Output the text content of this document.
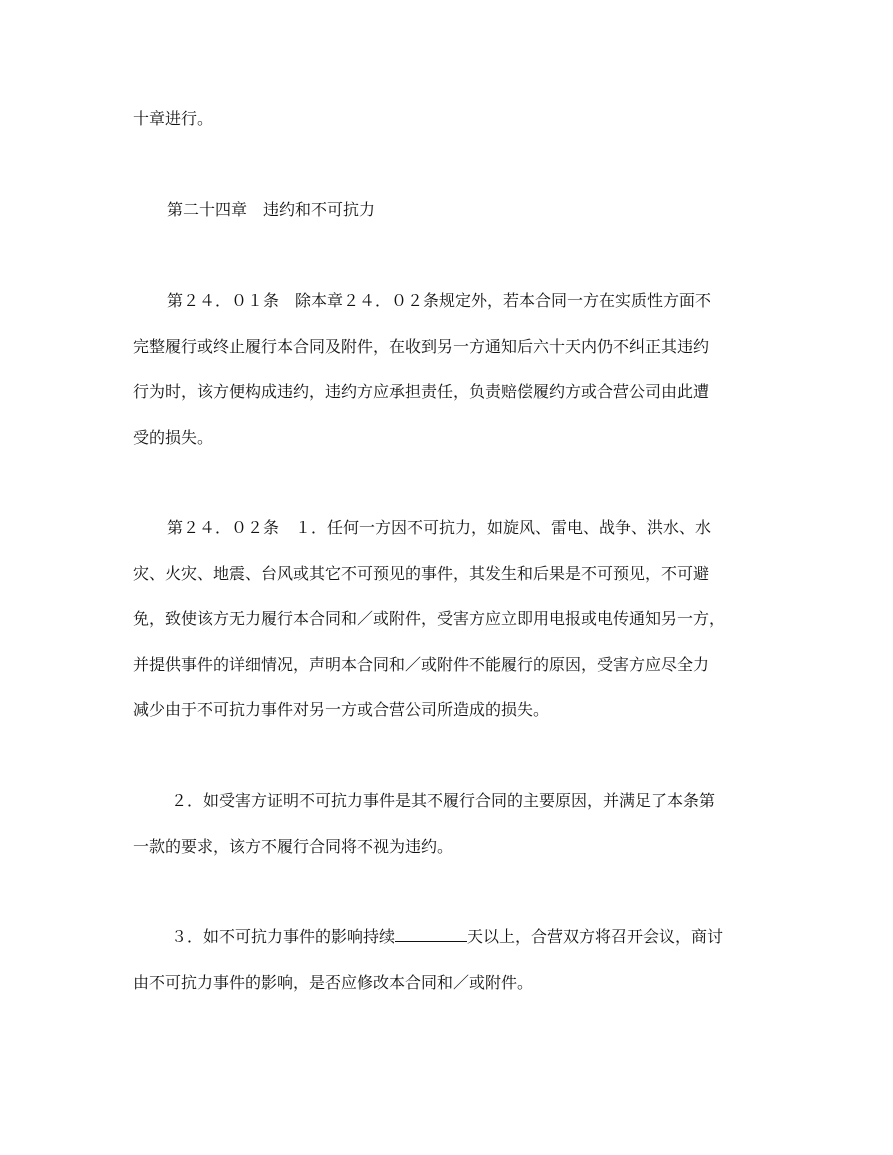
十章进行。

第二十四章　违约和不可抗力

第２４．０１条　除本章２４．０２条规定外，若本合同一方在实质性方面不
完整履行或终止履行本合同及附件，在收到另一方通知后六十天内仍不纠正其违约
行为时，该方便构成违约，违约方应承担责任，负责赔偿履约方或合营公司由此遭
受的损失。
第２４．０２条　１．任何一方因不可抗力，如旋风、雷电、战争、洪水、水
灾、火灾、地震、台风或其它不可预见的事件，其发生和后果是不可预见，不可避
免，致使该方无力履行本合同和／或附件，受害方应立即用电报或电传通知另一方，
并提供事件的详细情况，声明本合同和／或附件不能履行的原因，受害方应尽全力
减少由于不可抗力事件对另一方或合营公司所造成的损失。
２．如受害方证明不可抗力事件是其不履行合同的主要原因，并满足了本条第
一款的要求，该方不履行合同将不视为违约。
３．如不可抗力事件的影响持续	天以上，合营双方将召开会议，商讨
由不可抗力事件的影响，是否应修改本合同和／或附件。
